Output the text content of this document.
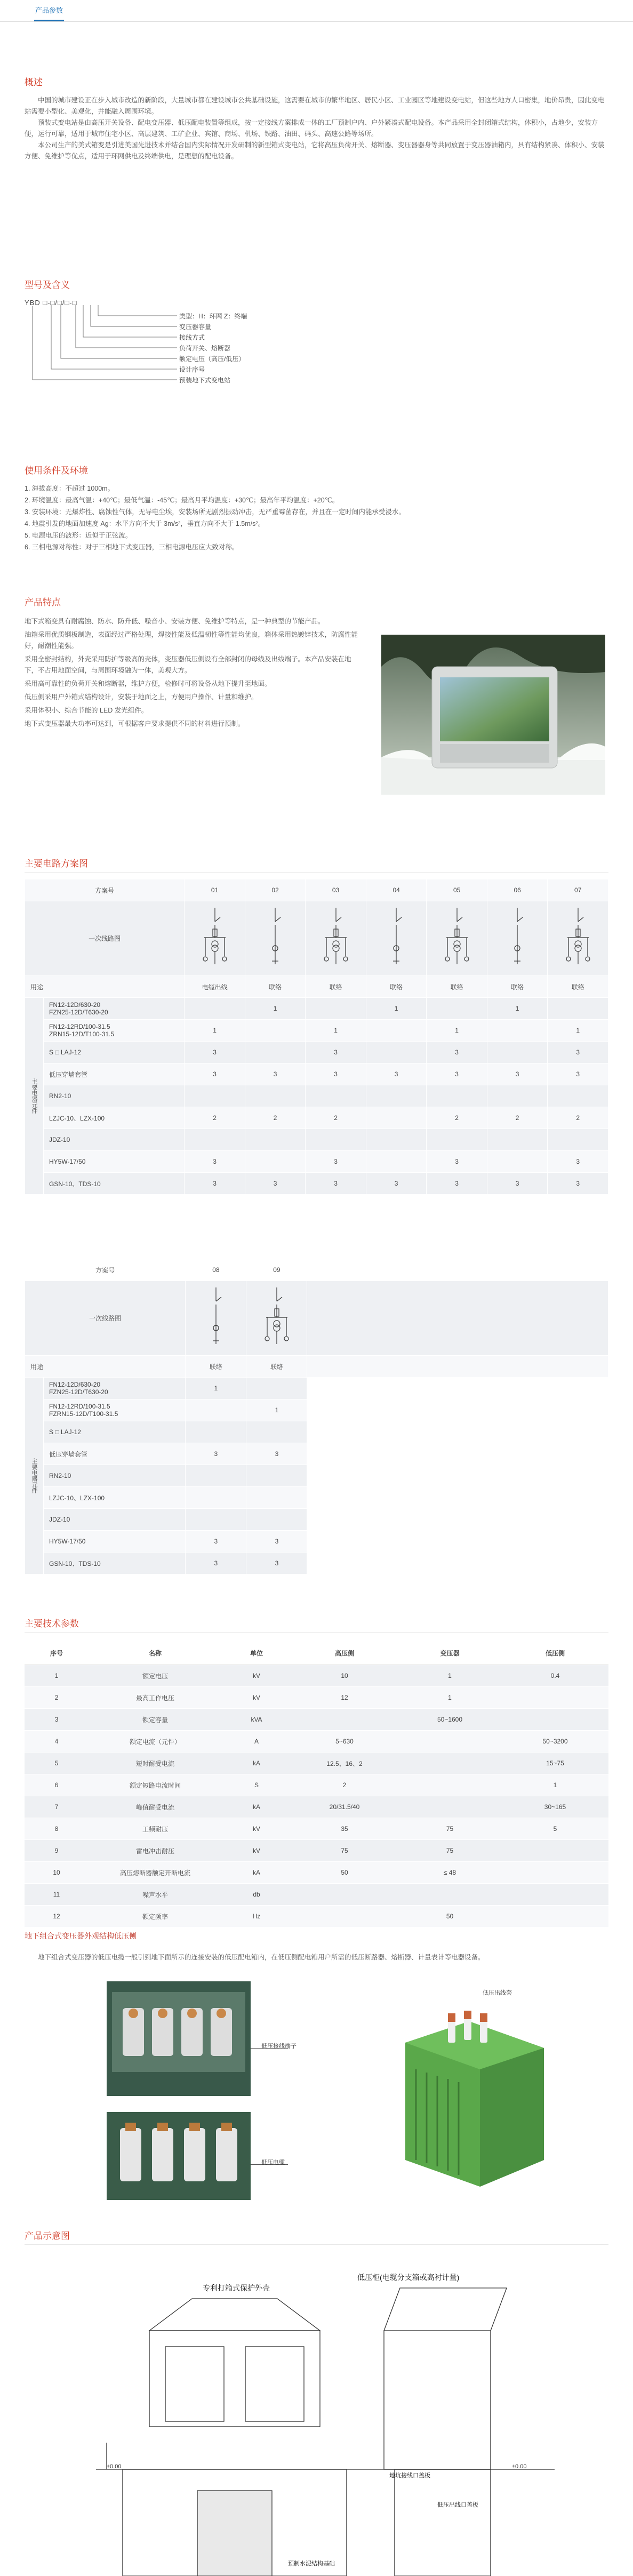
产品参数
概述

中国的城市建设正在步入城市改造的新阶段，大量城市都在建设城市公共基础设施，这需要在城市的繁华地区、居民小区、工业园区等地建设变电站，但这些地方人口密集，地价昂贵，因此变电站需要小型化、美观化，并能融入周围环境。

预装式变电站是由高压开关设备、配电变压器、低压配电装置等组成，按一定接线方案排成一体的工厂预制户内、户外紧凑式配电设备。本产品采用全封闭箱式结构，体积小，占地少，安装方便，运行可靠，适用于城市住宅小区、高层建筑、工矿企业、宾馆、商场、机场、铁路、油田、码头、高速公路等场所。

本公司生产的美式箱变是引进美国先进技术并结合国内实际情况开发研制的新型箱式变电站，它将高压负荷开关、熔断器、变压器器身等共同放置于变压器油箱内，具有结构紧凑、体积小、安装方便、免维护等优点，适用于环网供电及终端供电，是理想的配电设备。

型号及含义
YBD □-□/□/□-□
类型：H：环网 Z：终端
变压器容量
接线方式
负荷开关、熔断器
额定电压（高压/低压）
设计序号
预装地下式变电站
使用条件及环境

1. 海拔高度：不超过 1000m。

2. 环境温度：最高气温：+40℃；最低气温：-45℃；最高月平均温度：+30℃；最高年平均温度：+20℃。

3. 安装环境：无爆炸性、腐蚀性气体，无导电尘埃，安装场所无剧烈振动冲击，无严重霉菌存在，并且在一定时间内能承受浸水。

4. 地震引发的地面加速度 Ag：水平方向不大于 3m/s²，垂直方向不大于 1.5m/s²。

5. 电源电压的波形：近似于正弦波。

6. 三相电源对称性：对于三相地下式变压器，三相电源电压应大致对称。

产品特点

地下式箱变具有耐腐蚀、防水、防升低、噪音小、安装方便、免维护等特点，是一种典型的节能产品。

油箱采用优质钢板制造，表面经过严格处理，焊接性能及低温韧性等性能均优良，箱体采用热镀锌技术，防腐性能好，耐潮性能强。

采用全密封结构，外壳采用防护等级高的壳体，变压器低压侧设有全部封闭的母线及出线端子。本产品安装在地下，不占用地面空间，与周围环境融为一体，美观大方。

采用高可靠性的负荷开关和熔断器，维护方便，检修时可将设备从地下提升至地面。

低压侧采用户外箱式结构设计，安装于地面之上，方便用户操作、计量和维护。

采用体积小、综合节能的 LED 发光组件。

地下式变压器最大功率可达到，可根据客户要求提供不同的材料进行预制。

主要电路方案图
方案号		01	02	03	04	05	06	07
一次线路图							
用途		电缆出线	联络	联络	联络	联络	联络	联络
主要电器元件	FN12-12D/630-20
FZN25-12D/T630-20		1		1		1	
	FN12-12RD/100-31.5
ZRN15-12D/T100-31.5	1		1		1		1
	S □ LAJ-12	3		3		3		3
	低压穿墙套管	3	3	3	3	3	3	3
	RN2-10							
	LZJC-10、LZX-100	2	2	2		2	2	2
	JDZ-10							
	HY5W-17/50	3		3		3		3
	GSN-10、TDS-10	3	3	3	3	3	3	3
方案号		08	09	
一次线路图			
用途		联络	联络	
主要电器元件	FN12-12D/630-20
FZN25-12D/T630-20	1		
	FN12-12RD/100-31.5
FZRN15-12D/T100-31.5		1	
	S □ LAJ-12			
	低压穿墙套管	3	3	
	RN2-10			
	LZJC-10、LZX-100			
	JDZ-10			
	HY5W-17/50	3	3	
	GSN-10、TDS-10	3	3	
主要技术参数
序号	名称	单位	高压侧	变压器	低压侧
1	额定电压	kV	10	1	0.4
2	最高工作电压	kV	12	1	
3	额定容量	kVA		50~1600	
4	额定电流（元件）	A	5~630		50~3200
5	短时耐受电流	kA	12.5、16、2		15~75
6	额定短路电流时间	S	2		1
7	峰值耐受电流	kA	20/31.5/40		30~165
8	工频耐压	kV	35	75	5
9	雷电冲击耐压	kV	75	75	
10	高压熔断器额定开断电流	kA	50	≤ 48	
11	噪声水平	db			
12	额定频率	Hz		50	
地下组合式变压器外观结构低压侧

地下组合式变压器的低压电缆一般引到地下面所示的连接安装的低压配电箱内，在低压侧配电箱用户所需的低压断路器、熔断器、计量表计等电器设备。

低压接线端子
低压电缆
低压出线套
产品示意图
±0.00	±0.00
专利打箱式保护外壳
低压柜(电缆分支箱或高衬计量)
地坑接线口盖板
低压出线口盖板
预制水泥结构基础
